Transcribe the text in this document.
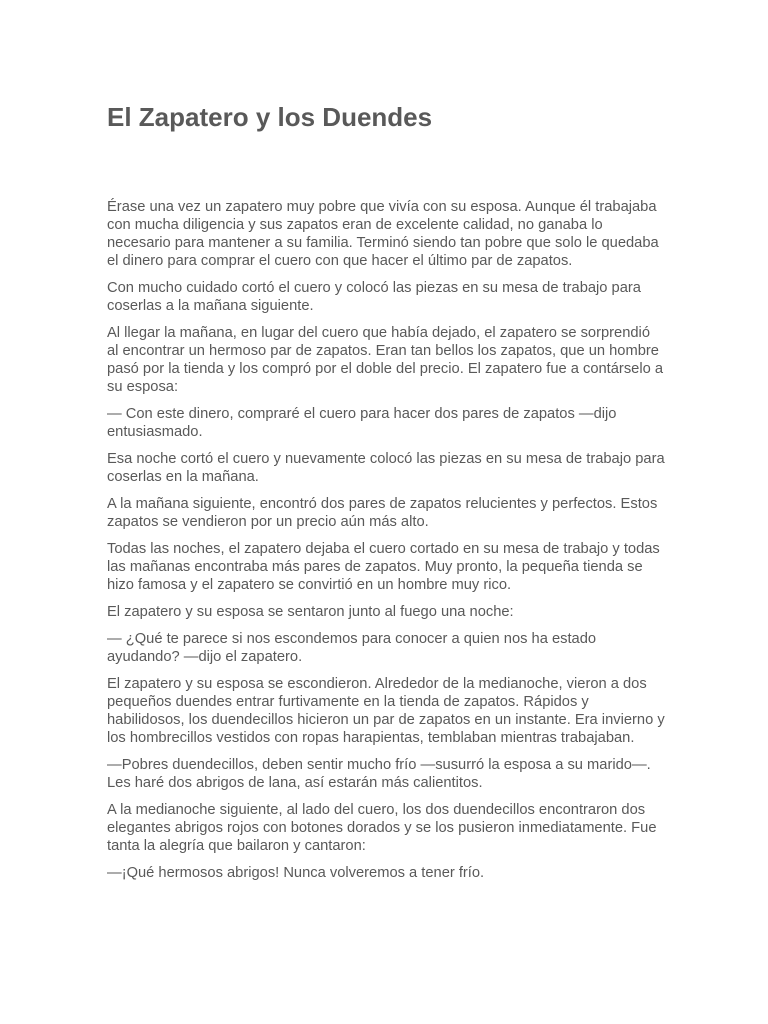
El Zapatero y los Duendes

Érase una vez un zapatero muy pobre que vivía con su esposa. Aunque él trabajaba con mucha diligencia y sus zapatos eran de excelente calidad, no ganaba lo necesario para mantener a su familia. Terminó siendo tan pobre que solo le quedaba el dinero para comprar el cuero con que hacer el último par de zapatos.

Con mucho cuidado cortó el cuero y colocó las piezas en su mesa de trabajo para coserlas a la mañana siguiente.

Al llegar la mañana, en lugar del cuero que había dejado, el zapatero se sorprendió al encontrar un hermoso par de zapatos. Eran tan bellos los zapatos, que un hombre pasó por la tienda y los compró por el doble del precio. El zapatero fue a contárselo a su esposa:

— Con este dinero, compraré el cuero para hacer dos pares de zapatos —dijo entusiasmado.

Esa noche cortó el cuero y nuevamente colocó las piezas en su mesa de trabajo para coserlas en la mañana.

A la mañana siguiente, encontró dos pares de zapatos relucientes y perfectos. Estos zapatos se vendieron por un precio aún más alto.

Todas las noches, el zapatero dejaba el cuero cortado en su mesa de trabajo y todas las mañanas encontraba más pares de zapatos. Muy pronto, la pequeña tienda se hizo famosa y el zapatero se convirtió en un hombre muy rico.

El zapatero y su esposa se sentaron junto al fuego una noche:

— ¿Qué te parece si nos escondemos para conocer a quien nos ha estado ayudando? —dijo el zapatero.

El zapatero y su esposa se escondieron. Alrededor de la medianoche, vieron a dos pequeños duendes entrar furtivamente en la tienda de zapatos. Rápidos y habilidosos, los duendecillos hicieron un par de zapatos en un instante. Era invierno y los hombrecillos vestidos con ropas harapientas, temblaban mientras trabajaban.

—Pobres duendecillos, deben sentir mucho frío —susurró la esposa a su marido—. Les haré dos abrigos de lana, así estarán más calientitos.

A la medianoche siguiente, al lado del cuero, los dos duendecillos encontraron dos elegantes abrigos rojos con botones dorados y se los pusieron inmediatamente. Fue tanta la alegría que bailaron y cantaron:

—¡Qué hermosos abrigos! Nunca volveremos a tener frío.
